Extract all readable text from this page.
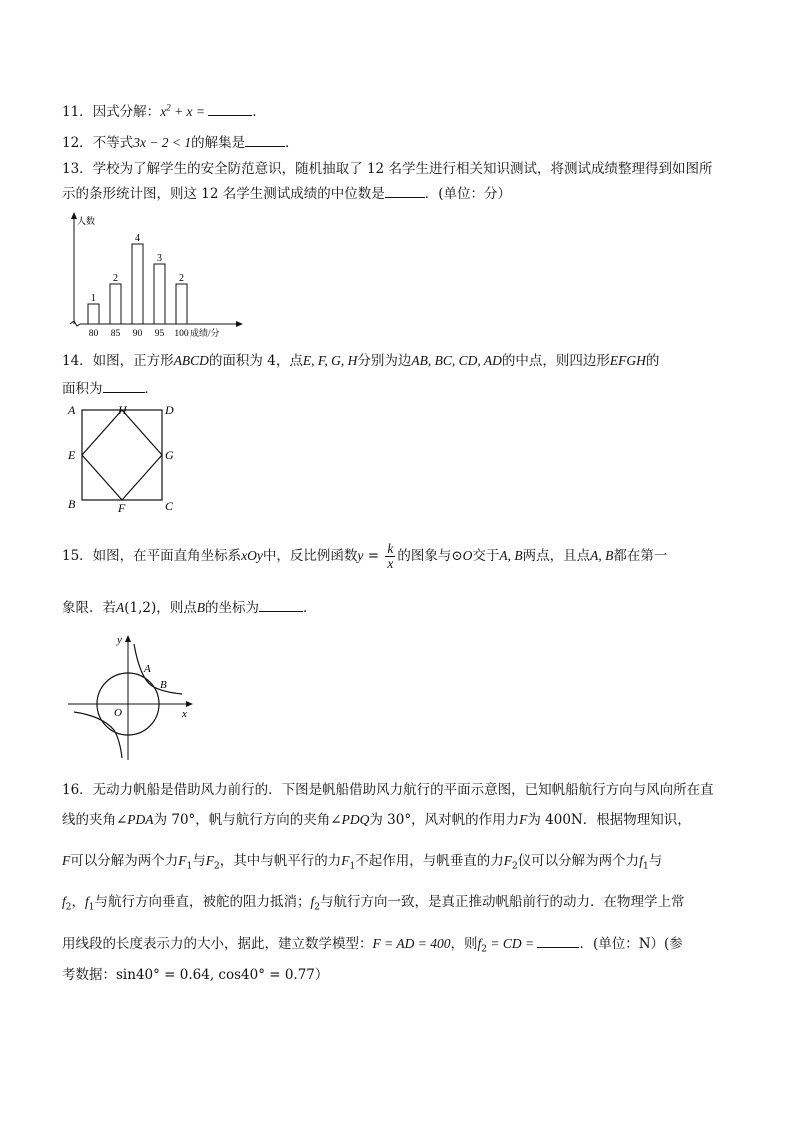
11．因式分解：$x^2 + x$ =	．
12．不等式3x − 2 < 1的解集是	．
13．学校为了解学生的安全防范意识，随机抽取了 12 名学生进行相关知识测试，将测试成绩整理得到如图所
示的条形统计图，则这 12 名学生测试成绩的中位数是	．(单位：分）
人数
成绩/分
1
80
2
85
4
90
3
95
2
100
14．如图，正方形ABCD的面积为 4，点E, F, G, H分别为边AB, BC, CD, AD的中点，则四边形EFGH的
面积为	．
A	H	D
E	G
B	F	C
15．如图，在平面直角坐标系xOy中，反比例函数$y = \frac{k}{x}$ 的图象与⊙O交于A, B两点，且点A, B都在第一
象限．若A(1,2)，则点B的坐标为	．
y
x
O
A
B
16．无动力帆船是借助风力前行的．下图是帆船借助风力航行的平面示意图，已知帆船航行方向与风向所在直
线的夹角∠PDA为 70°，帆与航行方向的夹角∠PDQ为 30°，风对帆的作用力F为 400N．根据物理知识，
F可以分解为两个力$F_1$与$F_2$，其中与帆平行的力$F_1$不起作用，与帆垂直的力$F_2$仪可以分解为两个力$f_1$与
$f_2$，$f_1$与航行方向垂直，被舵的阻力抵消；$f_2$与航行方向一致，是真正推动帆船前行的动力．在物理学上常
用线段的长度表示力的大小，据此，建立数学模型：F = AD = 400，则$f_2$ = CD =	．(单位：N）(参
考数据：sin40° = 0.64, cos40° = 0.77）
